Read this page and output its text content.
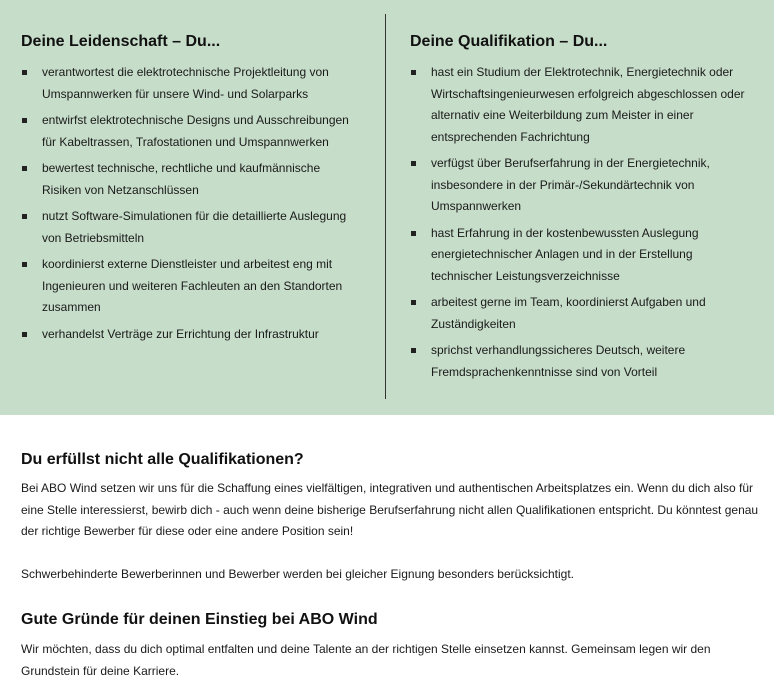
Deine Leidenschaft – Du...
verantwortest die elektrotechnische Projektleitung von Umspannwerken für unsere Wind- und Solarparks
entwirfst elektrotechnische Designs und Ausschreibungen für Kabeltrassen, Trafostationen und Umspannwerken
bewertest technische, rechtliche und kaufmännische Risiken von Netzanschlüssen
nutzt Software-Simulationen für die detaillierte Auslegung von Betriebsmitteln
koordinierst externe Dienstleister und arbeitest eng mit Ingenieuren und weiteren Fachleuten an den Standorten zusammen
verhandelst Verträge zur Errichtung der Infrastruktur
Deine Qualifikation – Du...
hast ein Studium der Elektrotechnik, Energietechnik oder Wirtschaftsingenieurwesen erfolgreich abgeschlossen oder alternativ eine Weiterbildung zum Meister in einer entsprechenden Fachrichtung
verfügst über Berufserfahrung in der Energietechnik, insbesondere in der Primär-/Sekundärtechnik von Umspannwerken
hast Erfahrung in der kostenbewussten Auslegung energietechnischer Anlagen und in der Erstellung technischer Leistungsverzeichnisse
arbeitest gerne im Team, koordinierst Aufgaben und Zuständigkeiten
sprichst verhandlungssicheres Deutsch, weitere Fremdsprachenkenntnisse sind von Vorteil
Du erfüllst nicht alle Qualifikationen?

Bei ABO Wind setzen wir uns für die Schaffung eines vielfältigen, integrativen und authentischen Arbeitsplatzes ein. Wenn du dich also für eine Stelle interessierst, bewirb dich - auch wenn deine bisherige Berufserfahrung nicht allen Qualifikationen entspricht. Du könntest genau der richtige Bewerber für diese oder eine andere Position sein!

Schwerbehinderte Bewerberinnen und Bewerber werden bei gleicher Eignung besonders berücksichtigt.

Gute Gründe für deinen Einstieg bei ABO Wind

Wir möchten, dass du dich optimal entfalten und deine Talente an der richtigen Stelle einsetzen kannst. Gemeinsam legen wir den Grundstein für deine Karriere.
